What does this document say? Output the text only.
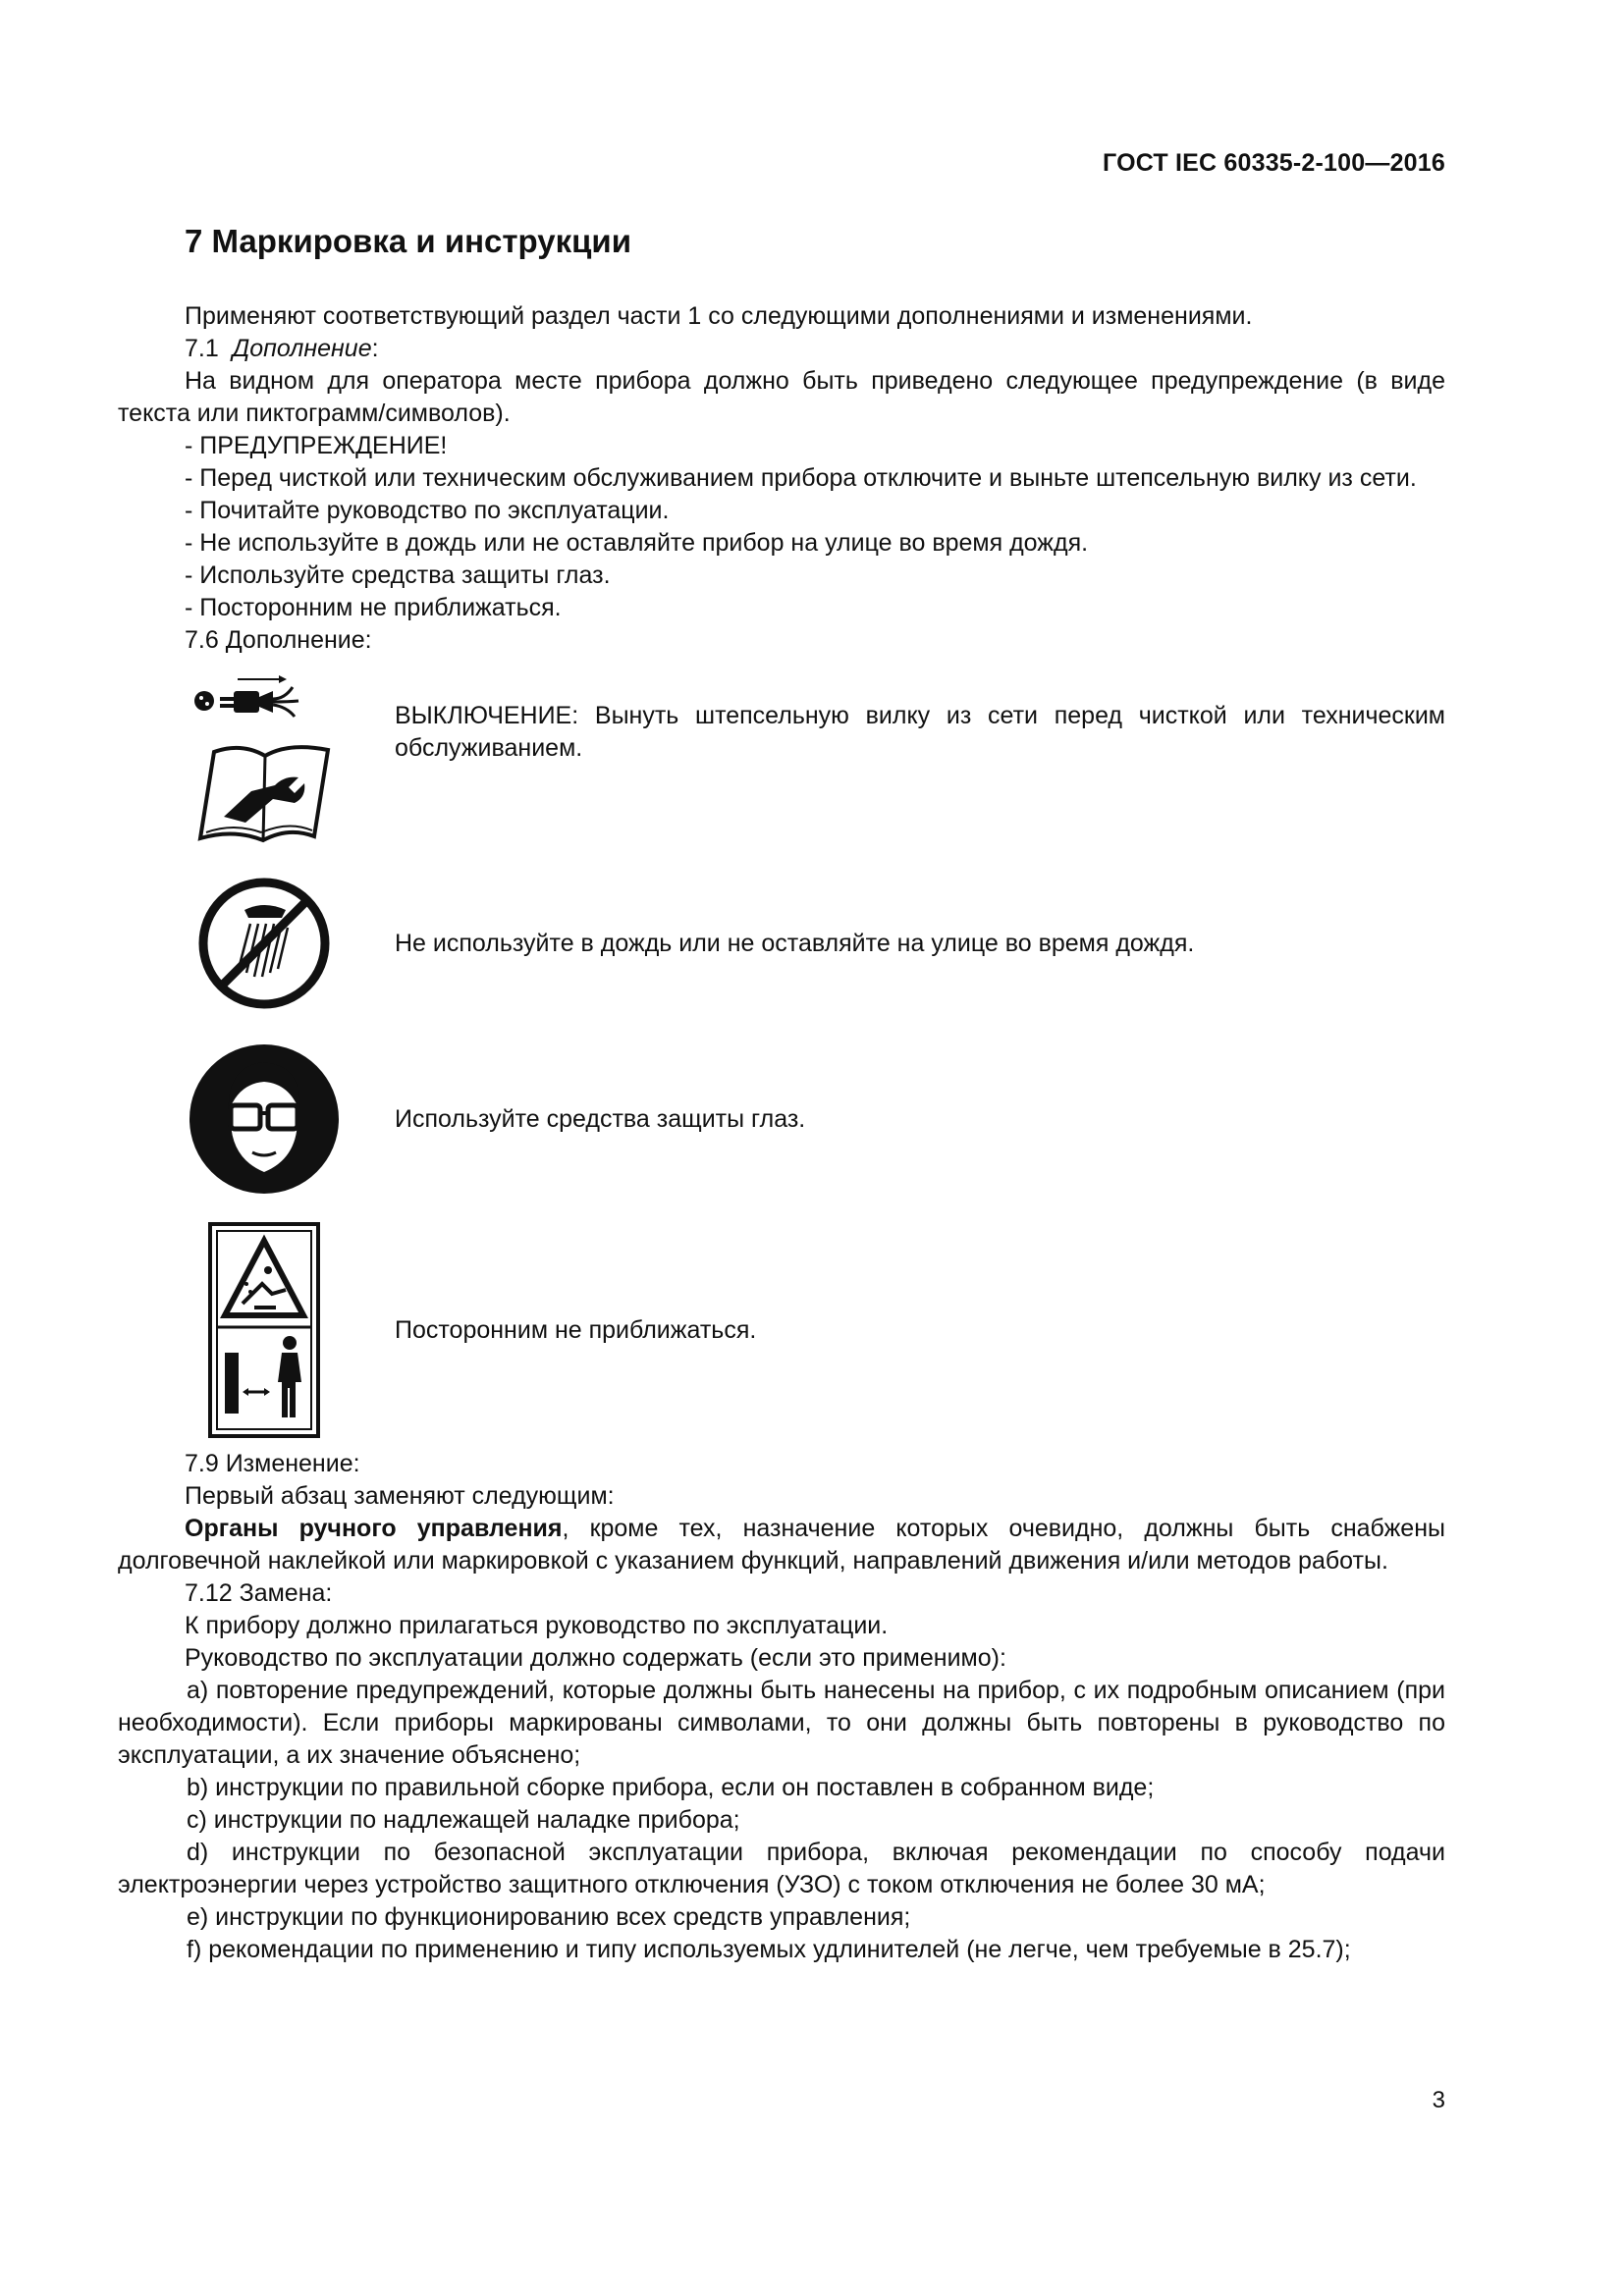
ГОСТ IEC 60335-2-100—2016
7 Маркировка и инструкции

Применяют соответствующий раздел части 1 со следующими дополнениями и изменениями.

7.1 Дополнение:

На видном для оператора месте прибора должно быть приведено следующее предупреждение (в виде текста или пиктограмм/символов).

- ПРЕДУПРЕЖДЕНИЕ!

- Перед чисткой или техническим обслуживанием прибора отключите и выньте штепсельную вилку из сети.

- Почитайте руководство по эксплуатации.

- Не используйте в дождь или не оставляйте прибор на улице во время дождя.

- Используйте средства защиты глаз.

- Посторонним не приближаться.

7.6 Дополнение:

ВЫКЛЮЧЕНИЕ: Вынуть штепсельную вилку из сети перед чисткой или техническим обслуживанием.
Не используйте в дождь или не оставляйте на улице во время дождя.
Используйте средства защиты глаз.
Посторонним не приближаться.

7.9 Изменение:

Первый абзац заменяют следующим:

Органы ручного управления, кроме тех, назначение которых очевидно, должны быть снабжены долговечной наклейкой или маркировкой с указанием функций, направлений движения и/или методов работы.

7.12 Замена:

К прибору должно прилагаться руководство по эксплуатации.

Руководство по эксплуатации должно содержать (если это применимо):

a) повторение предупреждений, которые должны быть нанесены на прибор, с их подробным описанием (при необходимости). Если приборы маркированы символами, то они должны быть повторены в руководство по эксплуатации, а их значение объяснено;

b) инструкции по правильной сборке прибора, если он поставлен в собранном виде;

c) инструкции по надлежащей наладке прибора;

d) инструкции по безопасной эксплуатации прибора, включая рекомендации по способу подачи электроэнергии через устройство защитного отключения (УЗО) с током отключения не более 30 мА;

e) инструкции по функционированию всех средств управления;

f) рекомендации по применению и типу используемых удлинителей (не легче, чем требуемые в 25.7);

3
